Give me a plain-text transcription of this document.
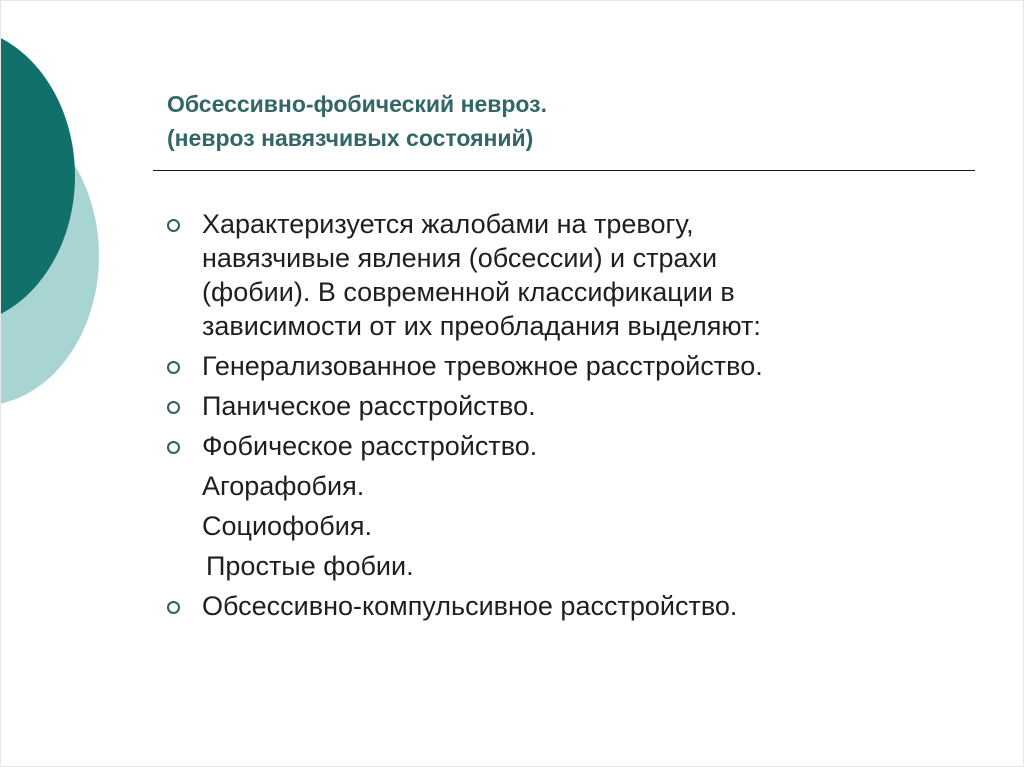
Обсессивно-фобический невроз.
(невроз навязчивых состояний)
Характеризуется жалобами на тревогу,
навязчивые явления (обсессии) и страхи
(фобии). В современной классификации в
зависимости от их преобладания выделяют:
Генерализованное тревожное расстройство.
Паническое расстройство.
Фобическое расстройство.
Агорафобия.
Социофобия.
Простые фобии.
Обсессивно-компульсивное расстройство.
